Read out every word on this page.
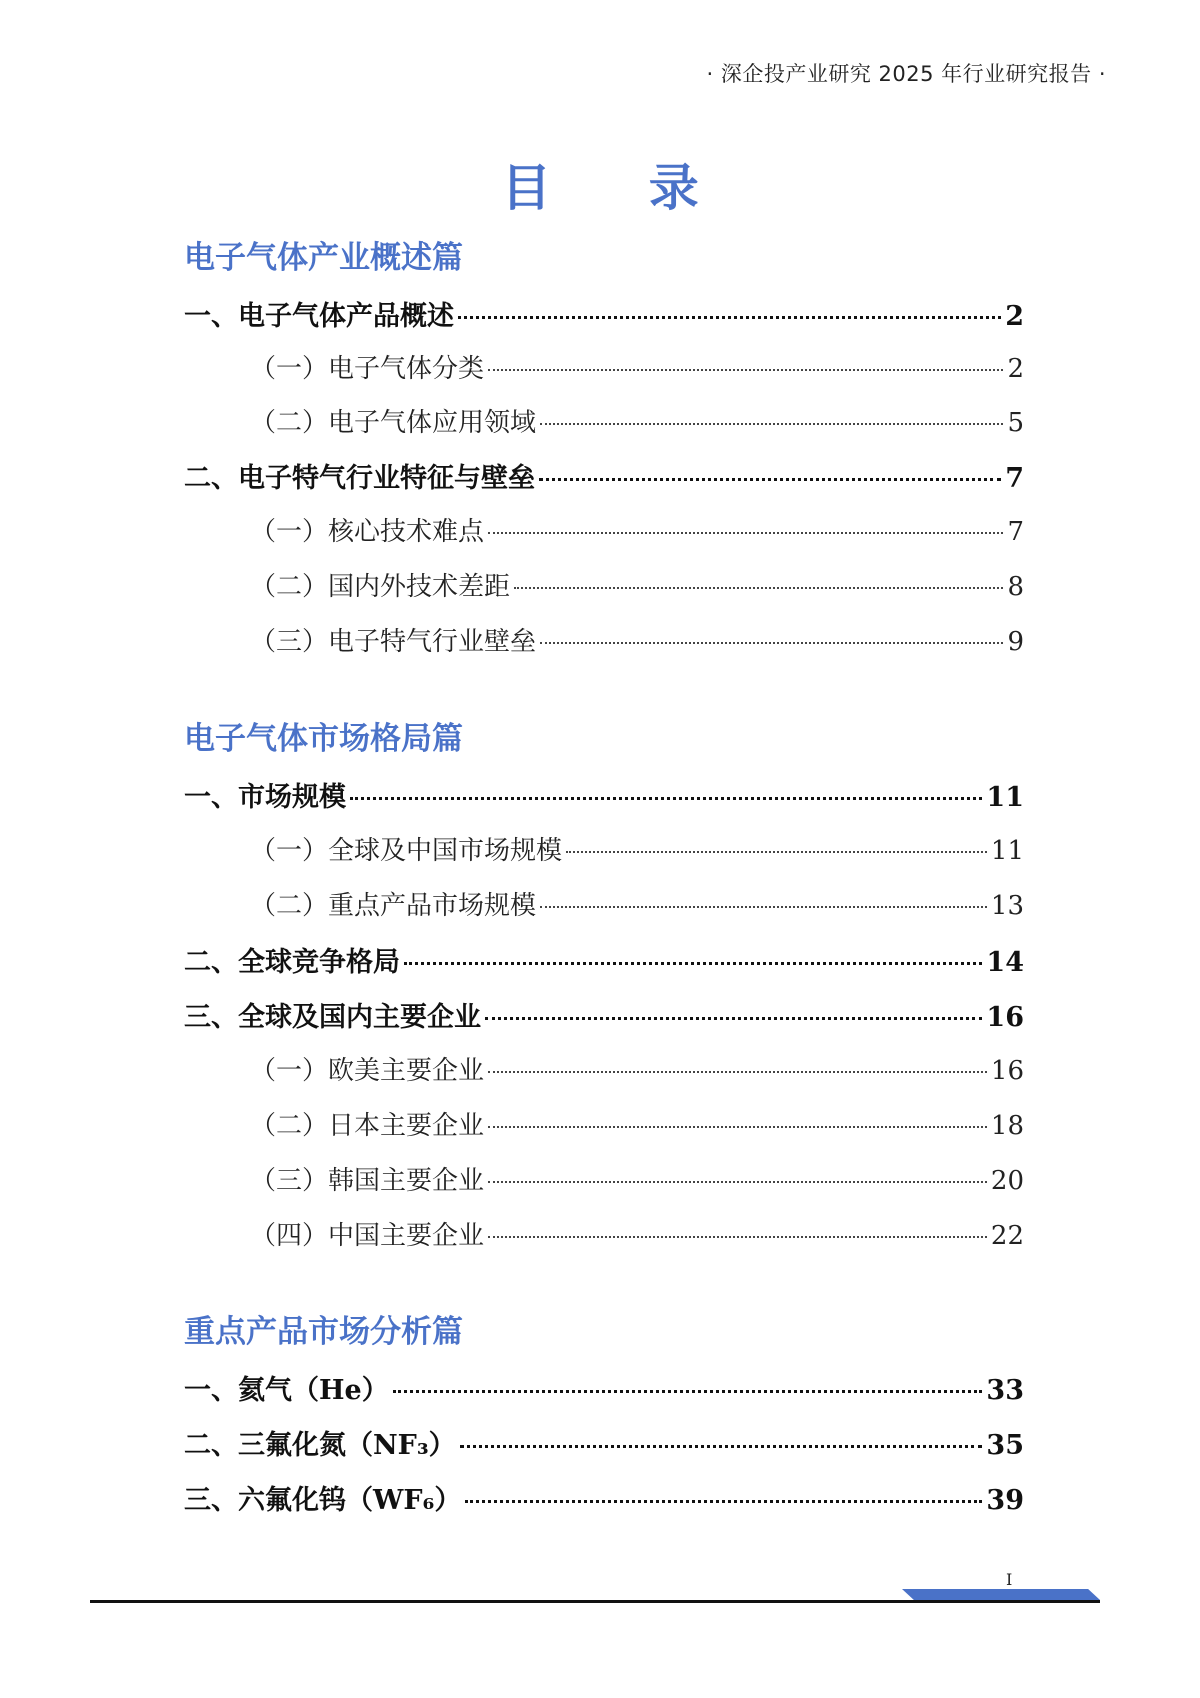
· 深企投产业研究 2025 年行业研究报告 ·
目 录
电子气体产业概述篇
一、电子气体产品概述	2
（一）电子气体分类	2
（二）电子气体应用领域	5
二、电子特气行业特征与壁垒	7
（一）核心技术难点	7
（二）国内外技术差距	8
（三）电子特气行业壁垒	9
电子气体市场格局篇
一、市场规模	11
（一）全球及中国市场规模	11
（二）重点产品市场规模	13
二、全球竞争格局	14
三、全球及国内主要企业	16
（一）欧美主要企业	16
（二）日本主要企业	18
（三）韩国主要企业	20
（四）中国主要企业	22
重点产品市场分析篇
一、氦气（He）	33
二、三氟化氮（NF₃）	35
三、六氟化钨（WF₆）	39
I
